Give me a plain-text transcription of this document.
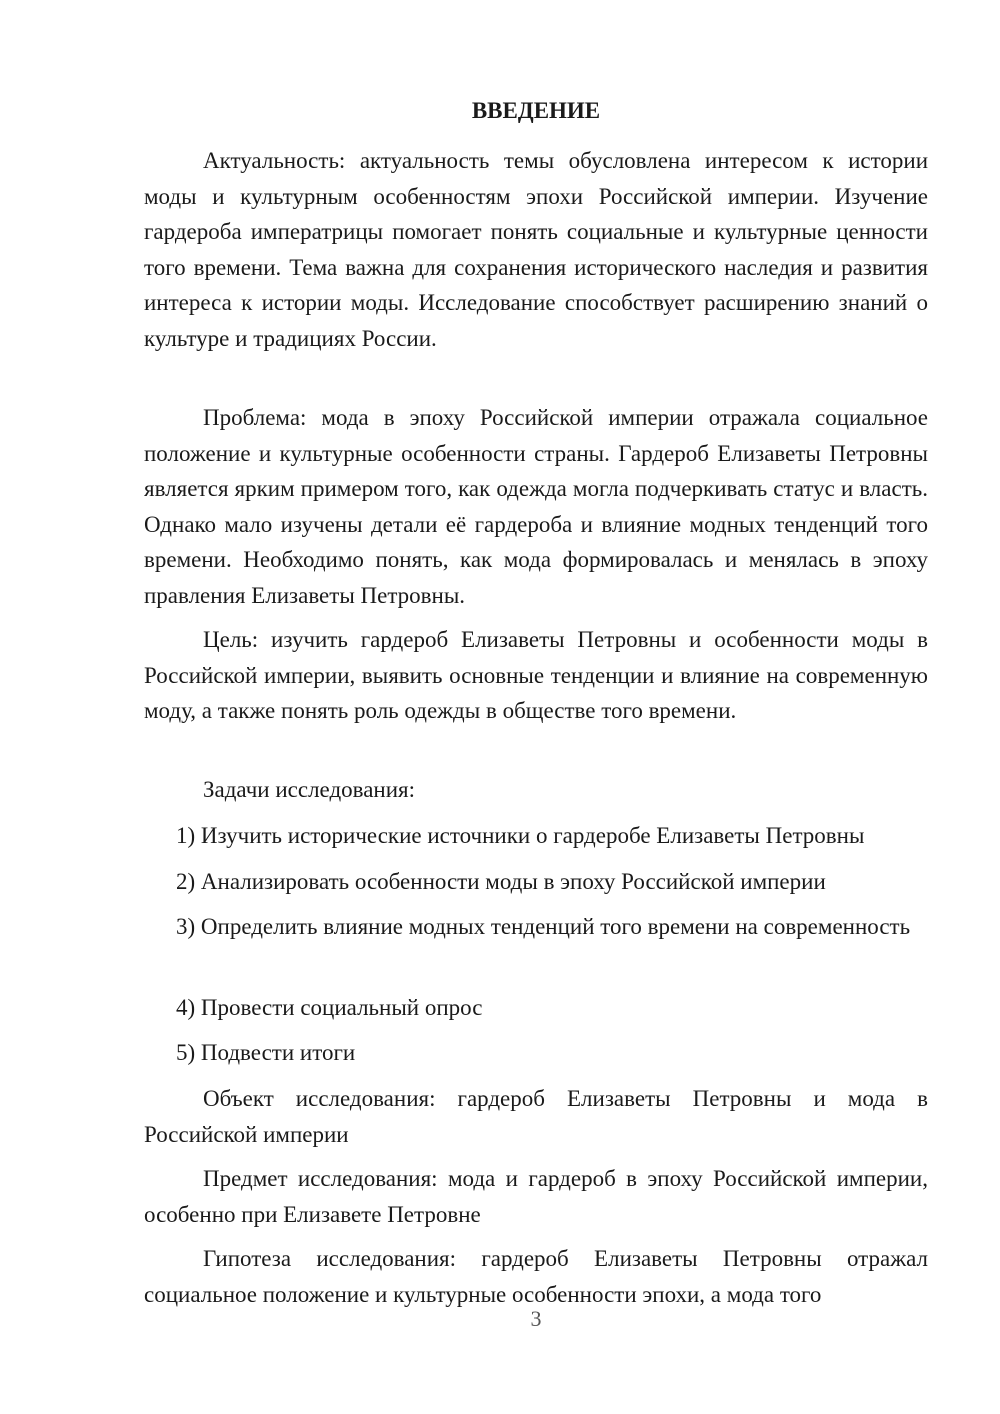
ВВЕДЕНИЕ

Актуальность: актуальность темы обусловлена интересом к истории моды и культурным особенностям эпохи Российской империи. Изучение гардероба императрицы помогает понять социальные и культурные ценности того времени. Тема важна для сохранения исторического наследия и развития интереса к истории моды. Исследование способствует расширению знаний о культуре и традициях России.

Проблема: мода в эпоху Российской империи отражала социальное положение и культурные особенности страны. Гардероб Елизаветы Петровны является ярким примером того, как одежда могла подчеркивать статус и власть. Однако мало изучены детали её гардероба и влияние модных тенденций того времени. Необходимо понять, как мода формировалась и менялась в эпоху правления Елизаветы Петровны.

Цель: изучить гардероб Елизаветы Петровны и особенности моды в Российской империи, выявить основные тенденции и влияние на современную моду, а также понять роль одежды в обществе того времени.

Задачи исследования:

1) Изучить исторические источники о гардеробе Елизаветы Петровны

2) Анализировать особенности моды в эпоху Российской империи

3) Определить влияние модных тенденций того времени на современность

4) Провести социальный опрос

5) Подвести итоги

Объект исследования: гардероб Елизаветы Петровны и мода в Российской империи

Предмет исследования: мода и гардероб в эпоху Российской империи, особенно при Елизавете Петровне

Гипотеза исследования: гардероб Елизаветы Петровны отражал социальное положение и культурные особенности эпохи, а мода того

3
